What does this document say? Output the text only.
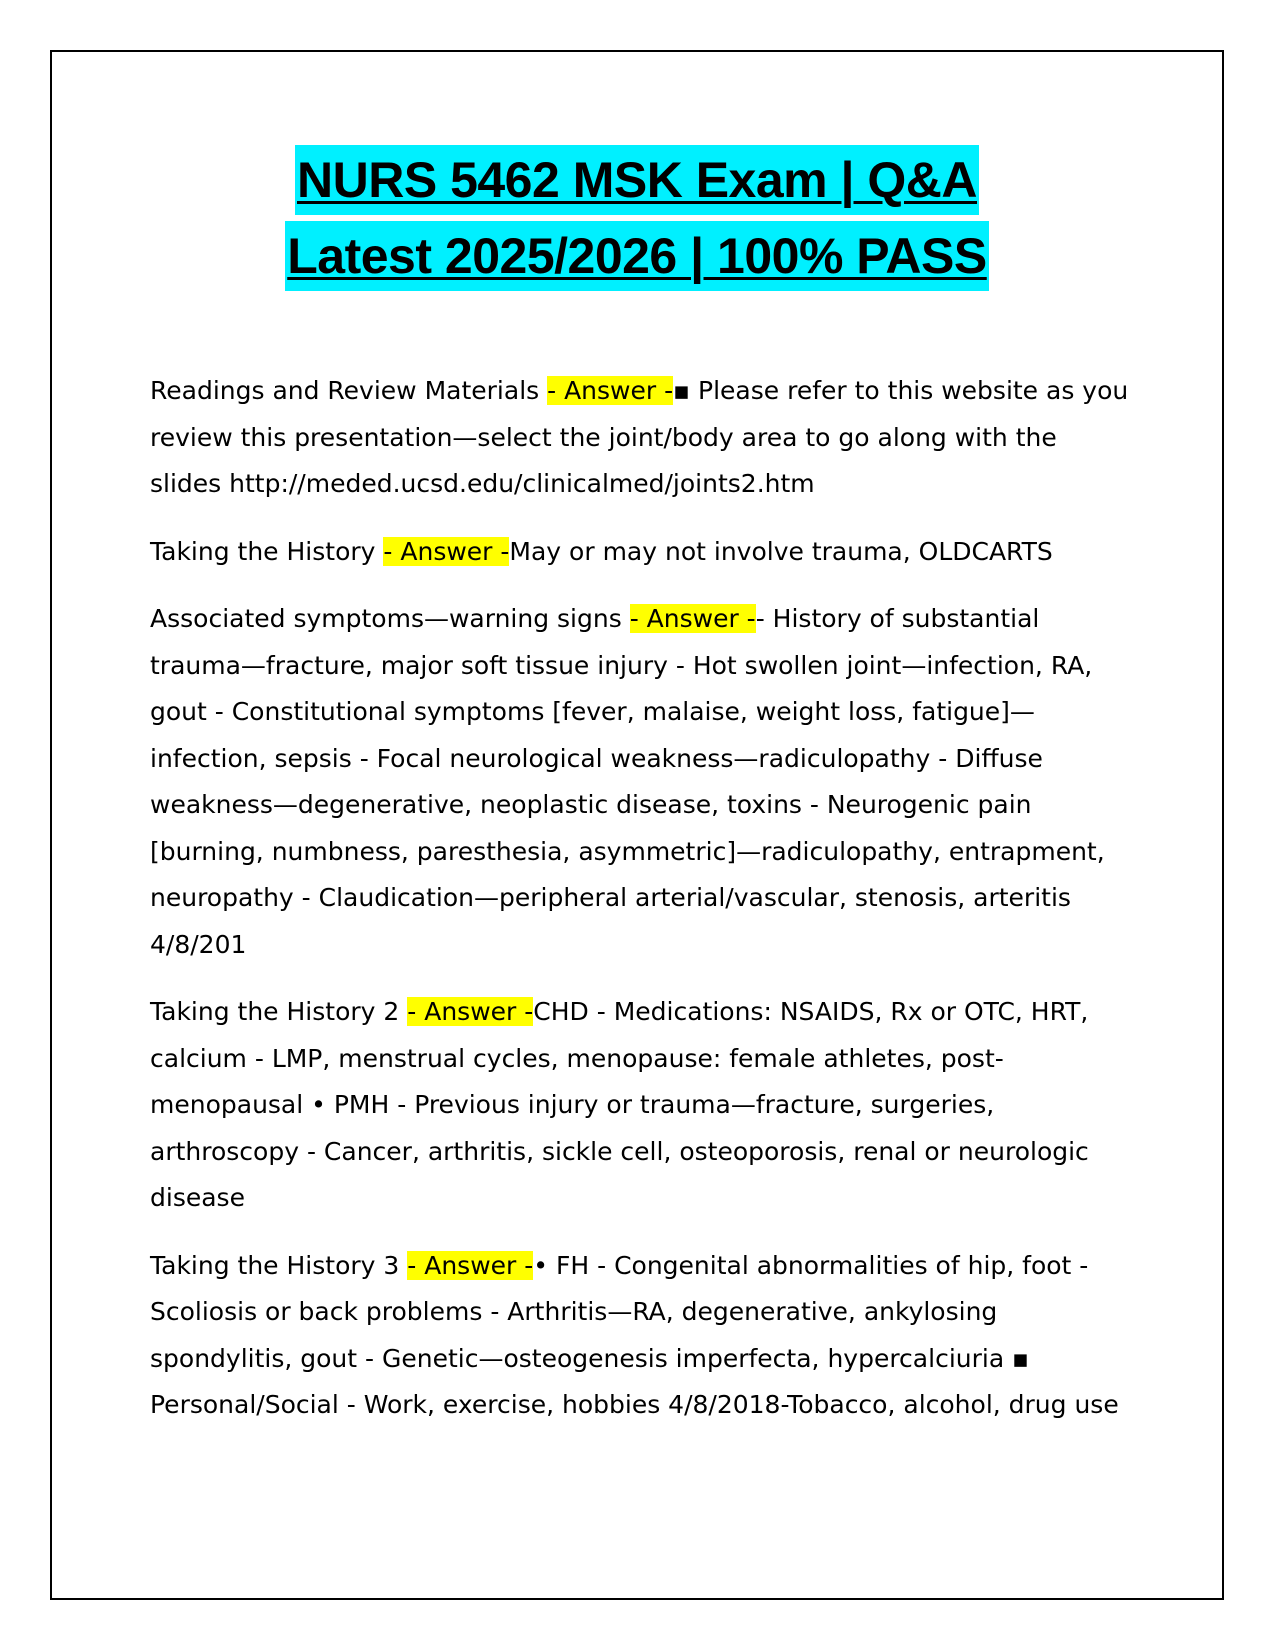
NURS 5462 MSK Exam | Q&A
Latest 2025/2026 | 100% PASS

Readings and Review Materials - Answer -▪ Please refer to this website as you review this presentation—select the joint/body area to go along with the slides http://meded.ucsd.edu/clinicalmed/joints2.htm

Taking the History - Answer -May or may not involve trauma, OLDCARTS

Associated symptoms—warning signs - Answer -- History of substantial trauma—fracture, major soft tissue injury - Hot swollen joint—infection, RA, gout - Constitutional symptoms [fever, malaise, weight loss, fatigue]—infection, sepsis - Focal neurological weakness—radiculopathy - Diffuse weakness—degenerative, neoplastic disease, toxins - Neurogenic pain [burning, numbness, paresthesia, asymmetric]—radiculopathy, entrapment, neuropathy - Claudication—peripheral arterial/vascular, stenosis, arteritis 4/8/201

Taking the History 2 - Answer -CHD - Medications: NSAIDS, Rx or OTC, HRT, calcium - LMP, menstrual cycles, menopause: female athletes, post-menopausal • PMH - Previous injury or trauma—fracture, surgeries, arthroscopy - Cancer, arthritis, sickle cell, osteoporosis, renal or neurologic disease

Taking the History 3 - Answer -• FH - Congenital abnormalities of hip, foot - Scoliosis or back problems - Arthritis—RA, degenerative, ankylosing spondylitis, gout - Genetic—osteogenesis imperfecta, hypercalciuria ▪ Personal/Social - Work, exercise, hobbies 4/8/2018-Tobacco, alcohol, drug use
